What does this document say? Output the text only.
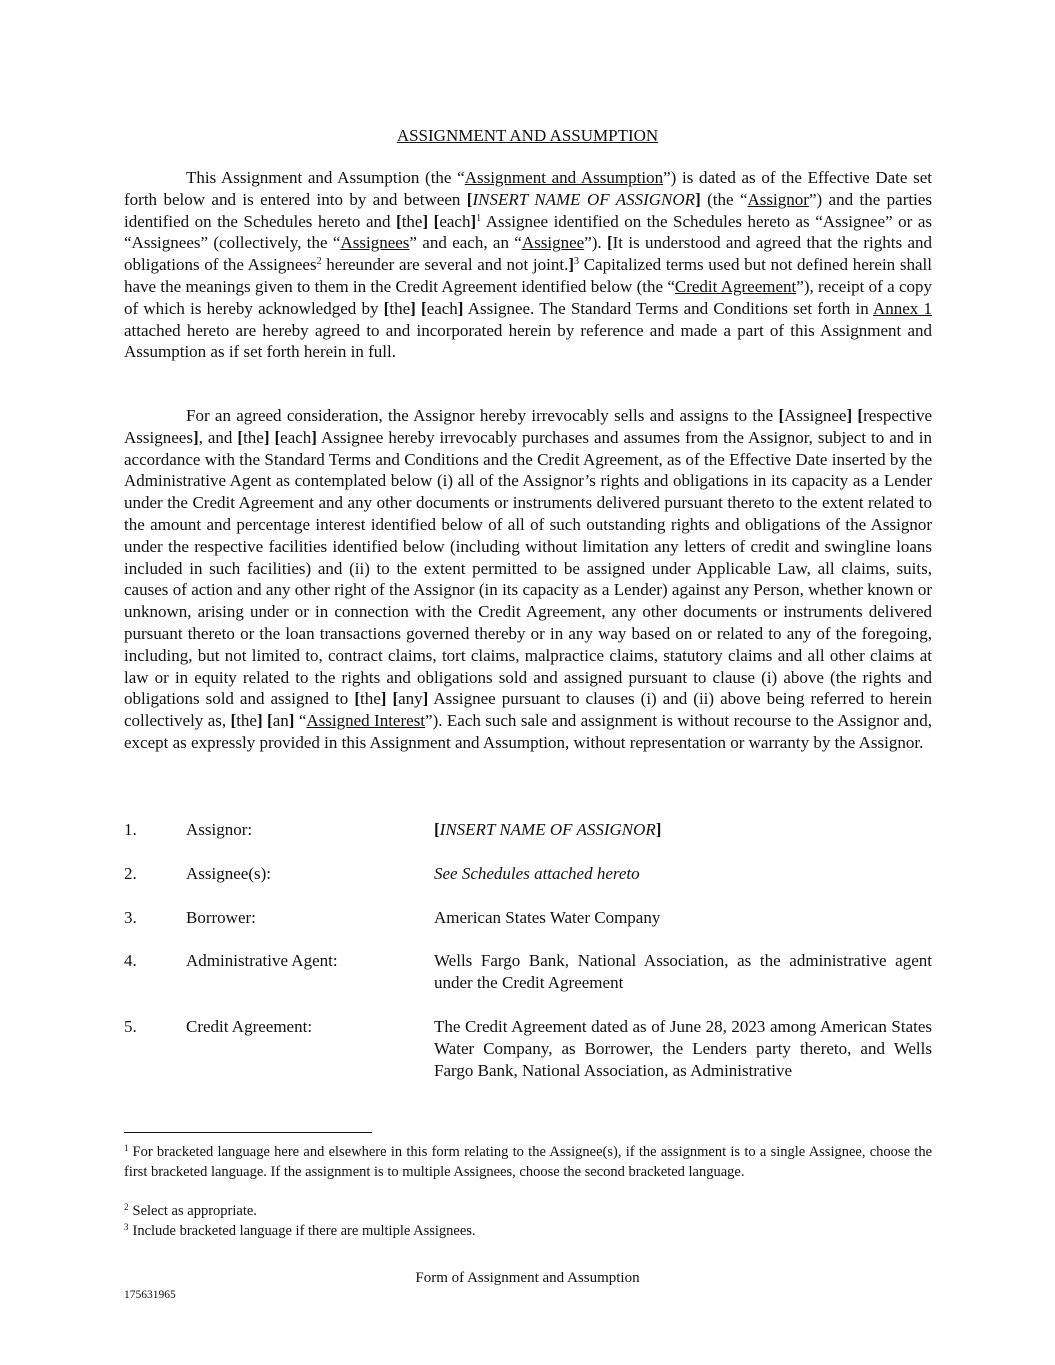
ASSIGNMENT AND ASSUMPTION

This Assignment and Assumption (the “Assignment and Assumption”) is dated as of the Effective Date set forth below and is entered into by and between [INSERT NAME OF ASSIGNOR] (the “Assignor”) and the parties identified on the Schedules hereto and [the] [each]$^1$ Assignee identified on the Schedules hereto as “Assignee” or as “Assignees” (collectively, the “Assignees” and each, an “Assignee”). [It is understood and agreed that the rights and obligations of the Assignees$^2$ hereunder are several and not joint.]$^3$ Capitalized terms used but not defined herein shall have the meanings given to them in the Credit Agreement identified below (the “Credit Agreement”), receipt of a copy of which is hereby acknowledged by [the] [each] Assignee. The Standard Terms and Conditions set forth in Annex 1 attached hereto are hereby agreed to and incorporated herein by reference and made a part of this Assignment and Assumption as if set forth herein in full.

For an agreed consideration, the Assignor hereby irrevocably sells and assigns to the [Assignee] [respective Assignees], and [the] [each] Assignee hereby irrevocably purchases and assumes from the Assignor, subject to and in accordance with the Standard Terms and Conditions and the Credit Agreement, as of the Effective Date inserted by the Administrative Agent as contemplated below (i) all of the Assignor’s rights and obligations in its capacity as a Lender under the Credit Agreement and any other documents or instruments delivered pursuant thereto to the extent related to the amount and percentage interest identified below of all of such outstanding rights and obligations of the Assignor under the respective facilities identified below (including without limitation any letters of credit and swingline loans included in such facilities) and (ii) to the extent permitted to be assigned under Applicable Law, all claims, suits, causes of action and any other right of the Assignor (in its capacity as a Lender) against any Person, whether known or unknown, arising under or in connection with the Credit Agreement, any other documents or instruments delivered pursuant thereto or the loan transactions governed thereby or in any way based on or related to any of the foregoing, including, but not limited to, contract claims, tort claims, malpractice claims, statutory claims and all other claims at law or in equity related to the rights and obligations sold and assigned pursuant to clause (i) above (the rights and obligations sold and assigned to [the] [any] Assignee pursuant to clauses (i) and (ii) above being referred to herein collectively as, [the] [an] “Assigned Interest”). Each such sale and assignment is without recourse to the Assignor and, except as expressly provided in this Assignment and Assumption, without representation or warranty by the Assignor.

1.	Assignor:	[INSERT NAME OF ASSIGNOR]
2.	Assignee(s):	See Schedules attached hereto
3.	Borrower:	American States Water Company
4.	Administrative Agent:	Wells Fargo Bank, National Association, as the administrative agent under the Credit Agreement
5.	Credit Agreement:	The Credit Agreement dated as of June 28, 2023 among American States Water Company, as Borrower, the Lenders party thereto, and Wells Fargo Bank, National Association, as Administrative

$^1$ For bracketed language here and elsewhere in this form relating to the Assignee(s), if the assignment is to a single Assignee, choose the first bracketed language. If the assignment is to multiple Assignees, choose the second bracketed language.

$^2$ Select as appropriate.

$^3$ Include bracketed language if there are multiple Assignees.

Form of Assignment and Assumption
175631965
